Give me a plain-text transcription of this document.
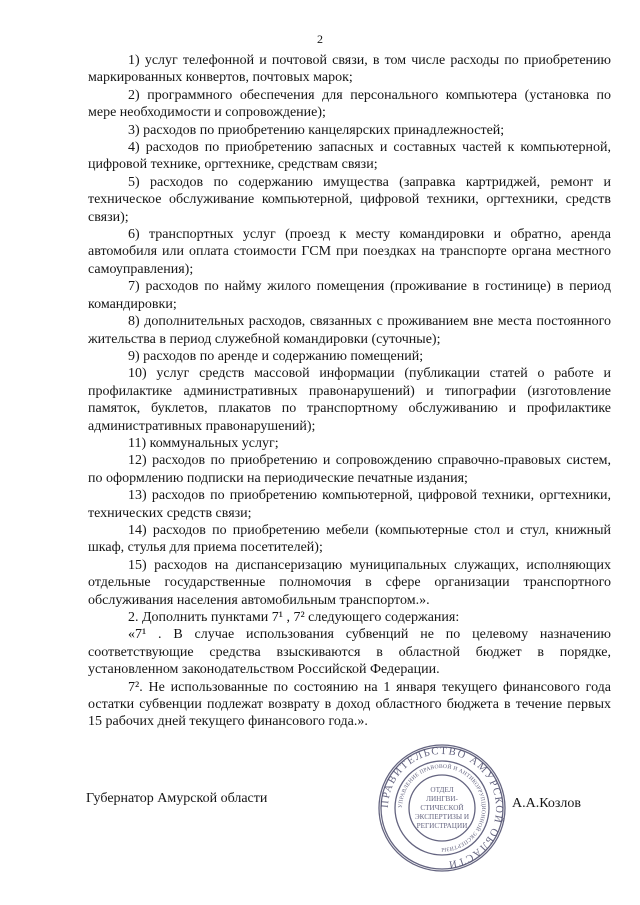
2

1) услуг телефонной и почтовой связи, в том числе расходы по приобретению маркированных конвертов, почтовых марок;

2) программного обеспечения для персонального компьютера (установка по мере необходимости и сопровождение);

3) расходов по приобретению канцелярских принадлежностей;

4) расходов по приобретению запасных и составных частей к компьютерной, цифровой технике, оргтехнике, средствам связи;

5) расходов по содержанию имущества (заправка картриджей, ремонт и техническое обслуживание компьютерной, цифровой техники, оргтехники, средств связи);

6) транспортных услуг (проезд к месту командировки и обратно, аренда автомобиля или оплата стоимости ГСМ при поездках на транспорте органа местного самоуправления);

7) расходов по найму жилого помещения (проживание в гостинице) в период командировки;

8) дополнительных расходов, связанных с проживанием вне места постоянного жительства в период служебной командировки (суточные);

9) расходов по аренде и содержанию помещений;

10) услуг средств массовой информации (публикации статей о работе и профилактике административных правонарушений) и типографии (изготовление памяток, буклетов, плакатов по транспортному обслуживанию и профилактике административных правонарушений);

11) коммунальных услуг;

12) расходов по приобретению и сопровождению справочно-правовых систем, по оформлению подписки на периодические печатные издания;

13) расходов по приобретению компьютерной, цифровой техники, оргтехники, технических средств связи;

14) расходов по приобретению мебели (компьютерные стол и стул, книжный шкаф, стулья для приема посетителей);

15) расходов на диспансеризацию муниципальных служащих, исполняющих отдельные государственные полномочия в сфере организации транспортного обслуживания населения автомобильным транспортом.».

2. Дополнить пунктами 7¹ , 7² следующего содержания:

«7¹ . В случае использования субвенций не по целевому назначению соответствующие средства взыскиваются в областной бюджет в порядке, установленном законодательством Российской Федерации.

7². Не использованные по состоянию на 1 января текущего финансового года остатки субвенции подлежат возврату в доход областного бюджета в течение первых 15 рабочих дней текущего финансового года.».

Губернатор Амурской области	ПРАВИТЕЛЬСТВО АМУРСКОЙ ОБЛАСТИ
УПРАВЛЕНИЕ ПРАВОВОЙ И АНТИКОРРУПЦИОННОЙ ЭКСПЕРТИЗЫ
ОТДЕЛ
ЛИНГВИ-
СТИЧЕСКОЙ
ЭКСПЕРТИЗЫ И
РЕГИСТРАЦИИ
А.А.Козлов
